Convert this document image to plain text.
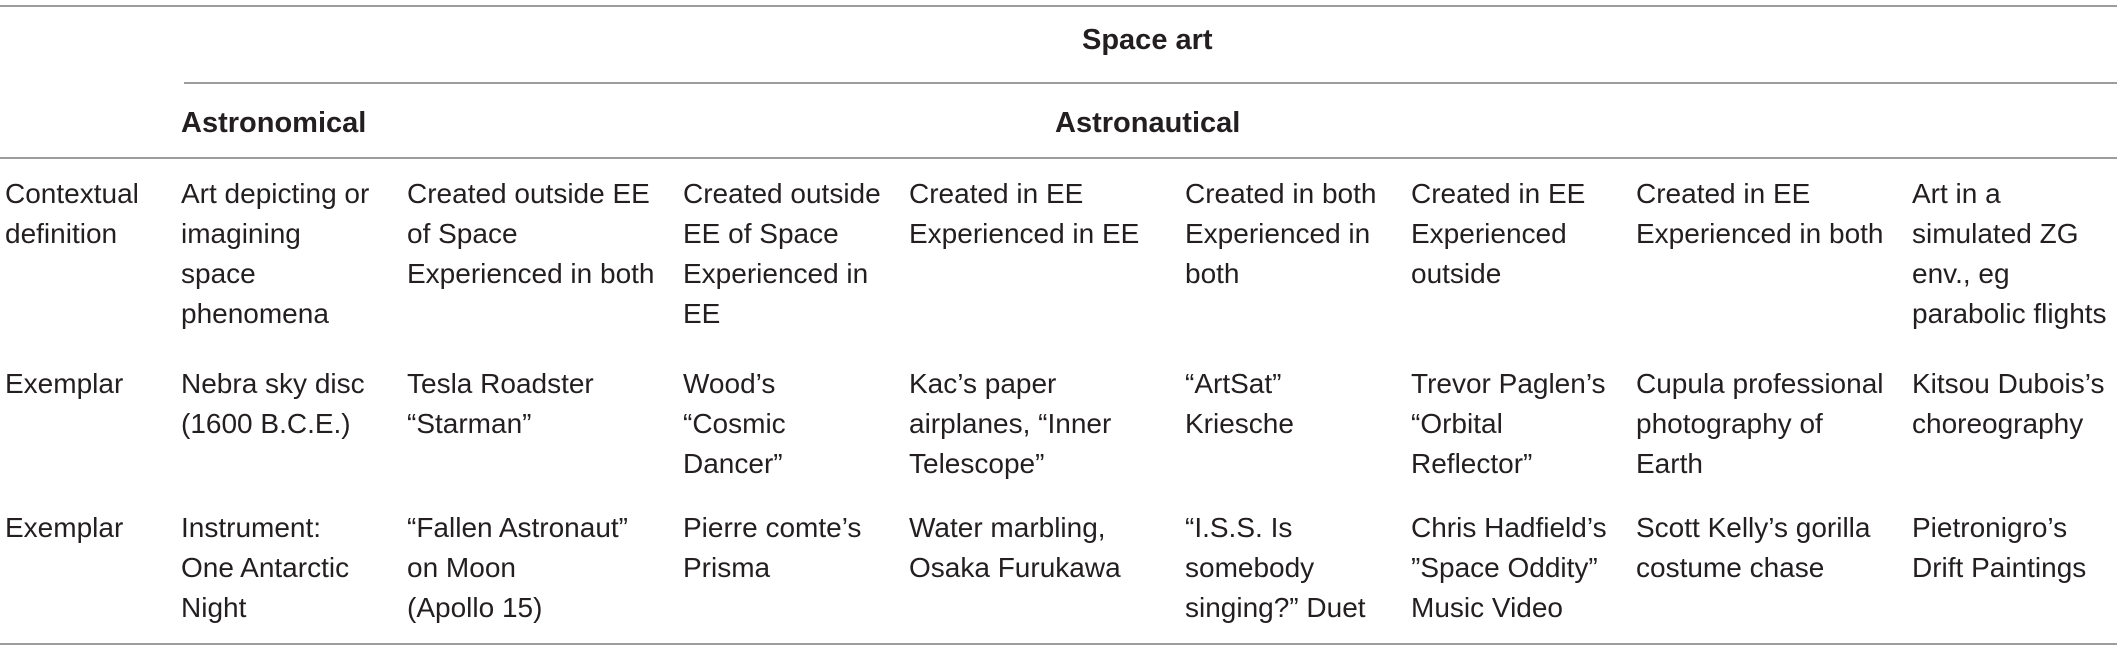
Space art
Astronomical	Astronautical
Contextual
definition
Art depicting or
imagining
space
phenomena
Created outside EE
of Space
Experienced in both
Created outside
EE of Space
Experienced in
EE
Created in EE
Experienced in EE
Created in both
Experienced in
both
Created in EE
Experienced
outside
Created in EE
Experienced in both
Art in a
simulated ZG
env., eg
parabolic flights
Exemplar Nebra sky disc
(1600 B.C.E.)
Tesla Roadster
“Starman”
Wood’s
“Cosmic
Dancer”
Kac’s paper
airplanes, “Inner
Telescope”
“ArtSat”
Kriesche
Trevor Paglen’s
“Orbital
Reflector”
Cupula professional
photography of
Earth
Kitsou Dubois’s
choreography
Exemplar Instrument:
One Antarctic
Night
“Fallen Astronaut”
on Moon
(Apollo 15)
Pierre comte’s
Prisma
Water marbling,
Osaka Furukawa
“I.S.S. Is
somebody
singing?” Duet
Chris Hadfield’s
”Space Oddity”
Music Video
Scott Kelly’s gorilla
costume chase
Pietronigro’s
Drift Paintings
